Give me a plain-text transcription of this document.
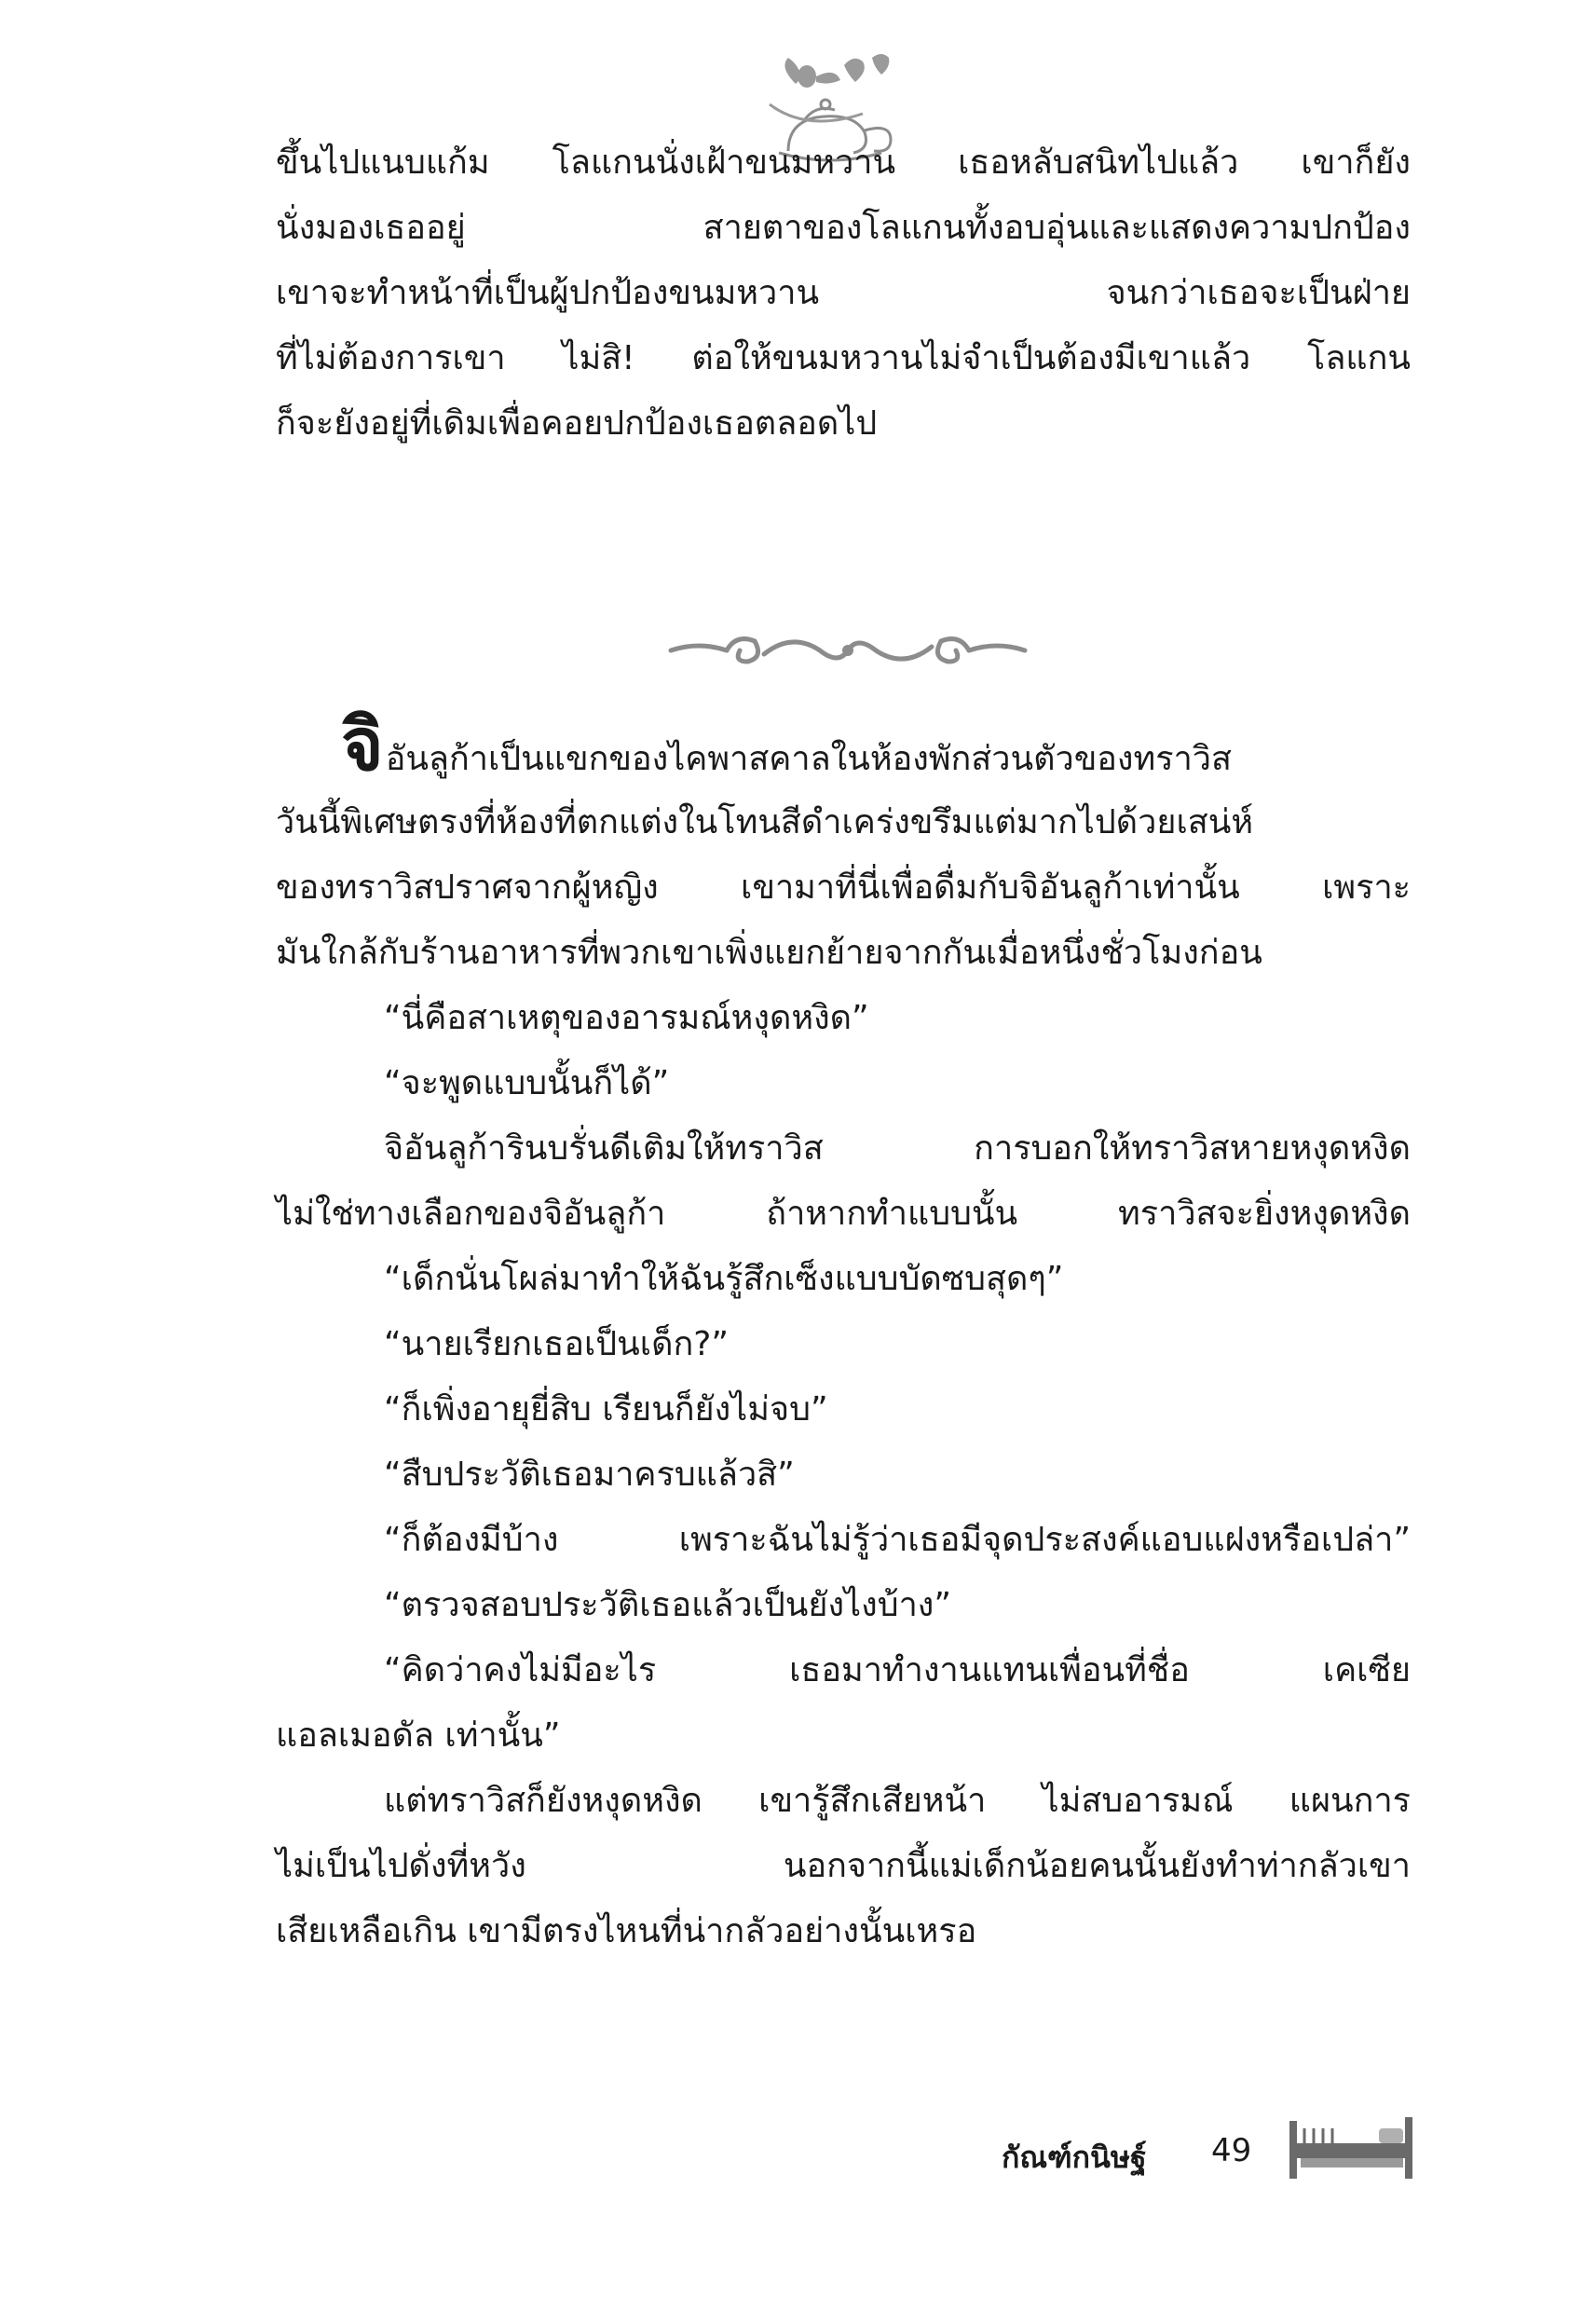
ขึ้นไปแนบแก้ม โลแกนนั่งเฝ้าขนมหวาน เธอหลับสนิทไปแล้ว เขาก็ยัง
นั่งมองเธออยู่ สายตาของโลแกนทั้งอบอุ่นและแสดงความปกป้อง
เขาจะทำหน้าที่เป็นผู้ปกป้องขนมหวาน จนกว่าเธอจะเป็นฝ่าย
ที่ไม่ต้องการเขา ไม่สิ! ต่อให้ขนมหวานไม่จำเป็นต้องมีเขาแล้ว โลแกน
ก็จะยังอยู่ที่เดิมเพื่อคอยปกป้องเธอตลอดไป
จิอันลูก้าเป็นแขกของไคพาสคาลในห้องพักส่วนตัวของทราวิส
วันนี้พิเศษตรงที่ห้องที่ตกแต่งในโทนสีดำเคร่งขรึมแต่มากไปด้วยเสน่ห์
ของทราวิสปราศจากผู้หญิง เขามาที่นี่เพื่อดื่มกับจิอันลูก้าเท่านั้น เพราะ
มันใกล้กับร้านอาหารที่พวกเขาเพิ่งแยกย้ายจากกันเมื่อหนึ่งชั่วโมงก่อน
“นี่คือสาเหตุของอารมณ์หงุดหงิด”
“จะพูดแบบนั้นก็ได้”
จิอันลูก้ารินบรั่นดีเติมให้ทราวิส การบอกให้ทราวิสหายหงุดหงิด
ไม่ใช่ทางเลือกของจิอันลูก้า ถ้าหากทำแบบนั้น ทราวิสจะยิ่งหงุดหงิด
“เด็กนั่นโผล่มาทำให้ฉันรู้สึกเซ็งแบบบัดซบสุดๆ”
“นายเรียกเธอเป็นเด็ก?”
“ก็เพิ่งอายุยี่สิบ เรียนก็ยังไม่จบ”
“สืบประวัติเธอมาครบแล้วสิ”
“ก็ต้องมีบ้าง เพราะฉันไม่รู้ว่าเธอมีจุดประสงค์แอบแฝงหรือเปล่า”
“ตรวจสอบประวัติเธอแล้วเป็นยังไงบ้าง”
“คิดว่าคงไม่มีอะไร เธอมาทำงานแทนเพื่อนที่ชื่อ เคเซีย
แอลเมอดัล เท่านั้น”
แต่ทราวิสก็ยังหงุดหงิด เขารู้สึกเสียหน้า ไม่สบอารมณ์ แผนการ
ไม่เป็นไปดั่งที่หวัง นอกจากนี้แม่เด็กน้อยคนนั้นยังทำท่ากลัวเขา
เสียเหลือเกิน เขามีตรงไหนที่น่ากลัวอย่างนั้นเหรอ
กัณฑ์กนิษฐ์ 49
